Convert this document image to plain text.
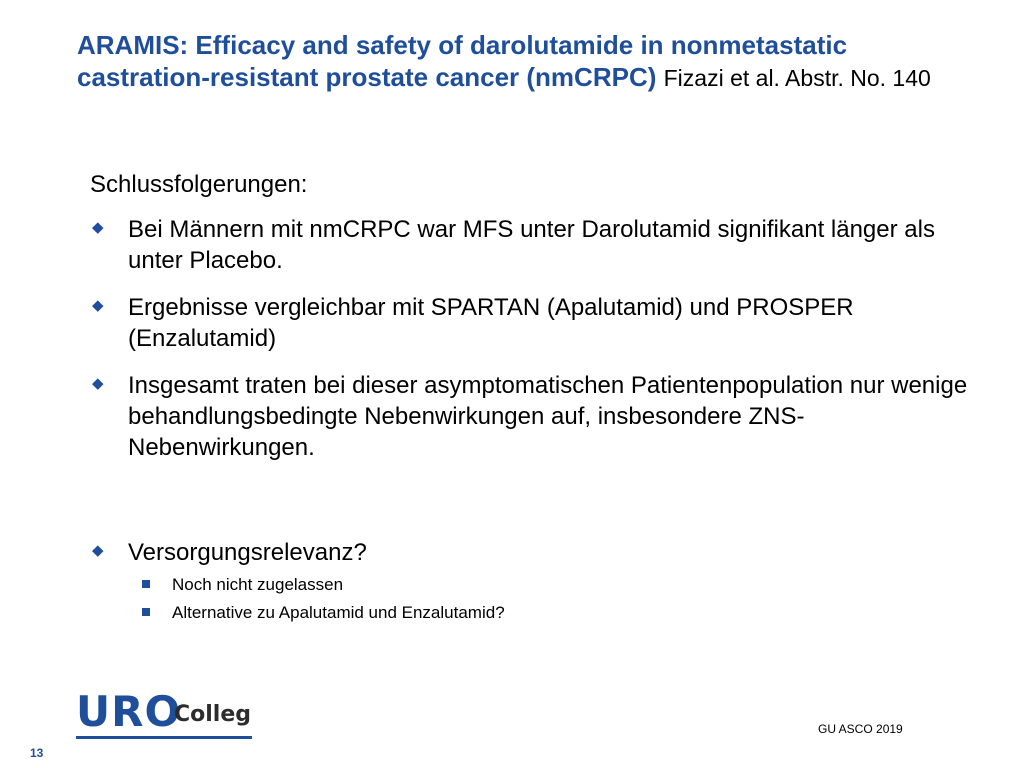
ARAMIS: Efficacy and safety of darolutamide in nonmetastatic castration-resistant prostate cancer (nmCRPC) Fizazi et al. Abstr. No. 140
Schlussfolgerungen:
◆ Bei Männern mit nmCRPC war MFS unter Darolutamid signifikant länger als unter Placebo.
◆ Ergebnisse vergleichbar mit SPARTAN (Apalutamid) und PROSPER (Enzalutamid)
◆ Insgesamt traten bei dieser asymptomatischen Patientenpopulation nur wenige behandlungsbedingte Nebenwirkungen auf, insbesondere ZNS-Nebenwirkungen.
◆ Versorgungsrelevanz?
Noch nicht zugelassen
Alternative zu Apalutamid und Enzalutamid?
URO
Colleg
GU ASCO 2019
13
